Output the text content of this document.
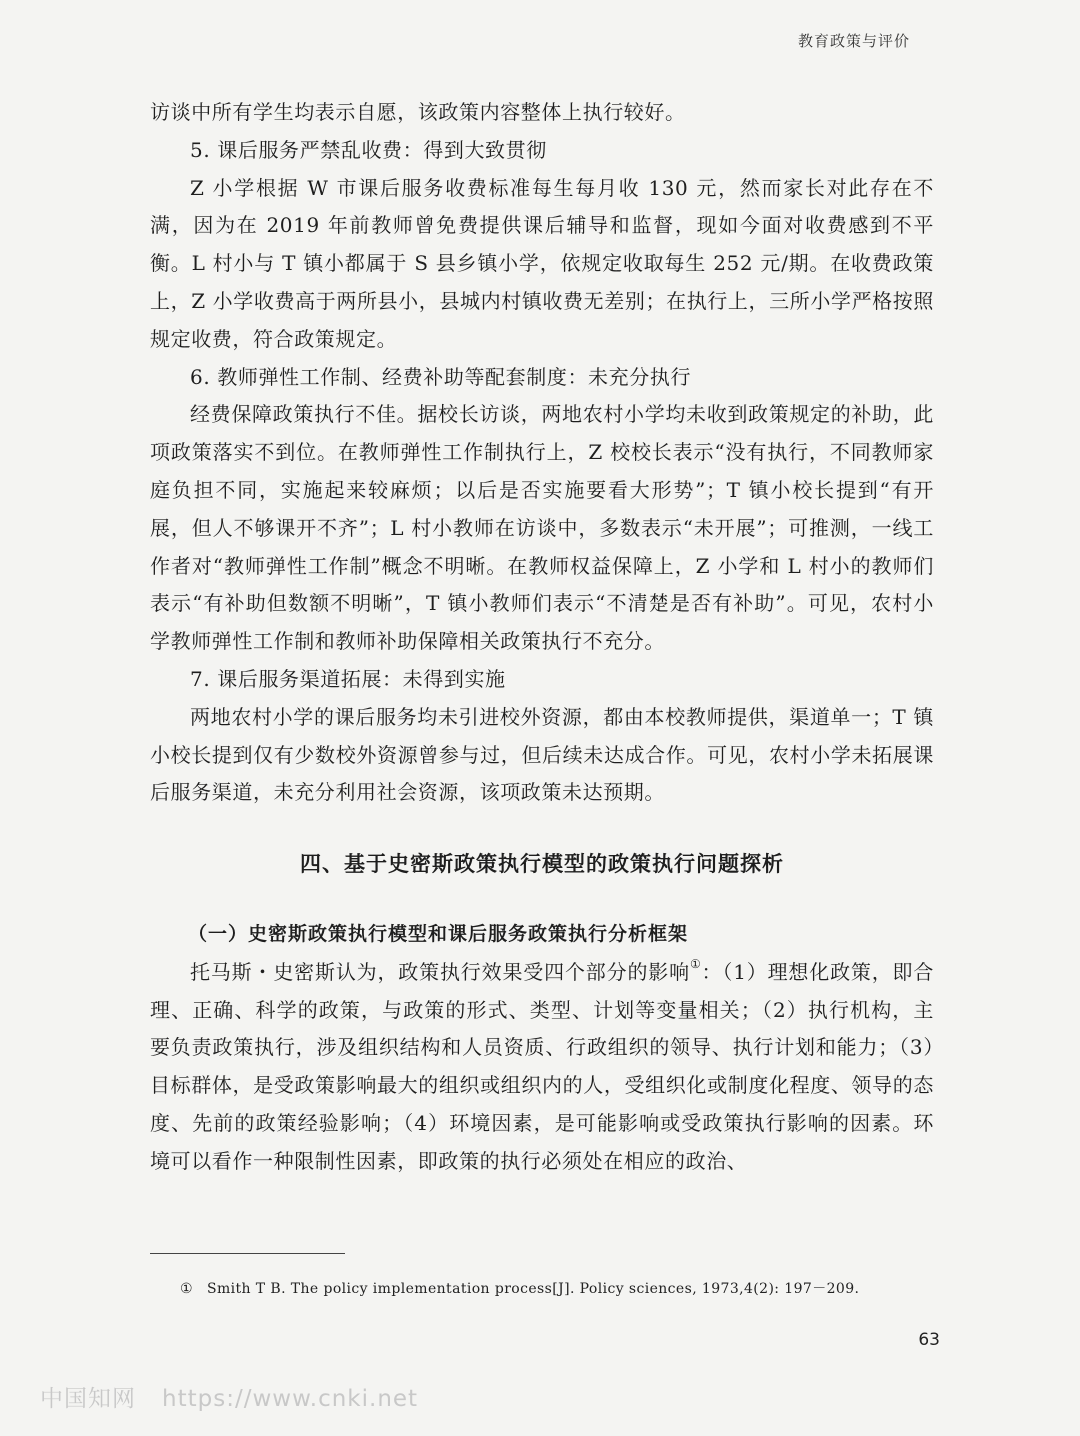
教育政策与评价

访谈中所有学生均表示自愿，该政策内容整体上执行较好。

5. 课后服务严禁乱收费：得到大致贯彻

Z 小学根据 W 市课后服务收费标准每生每月收 130 元，然而家长对此存在不满，因为在 2019 年前教师曾免费提供课后辅导和监督，现如今面对收费感到不平衡。L 村小与 T 镇小都属于 S 县乡镇小学，依规定收取每生 252 元/期。在收费政策上，Z 小学收费高于两所县小，县城内村镇收费无差别；在执行上，三所小学严格按照规定收费，符合政策规定。

6. 教师弹性工作制、经费补助等配套制度：未充分执行

经费保障政策执行不佳。据校长访谈，两地农村小学均未收到政策规定的补助，此项政策落实不到位。在教师弹性工作制执行上，Z 校校长表示“没有执行，不同教师家庭负担不同，实施起来较麻烦；以后是否实施要看大形势”；T 镇小校长提到“有开展，但人不够课开不齐”；L 村小教师在访谈中，多数表示“未开展”；可推测，一线工作者对“教师弹性工作制”概念不明晰。在教师权益保障上，Z 小学和 L 村小的教师们表示“有补助但数额不明晰”，T 镇小教师们表示“不清楚是否有补助”。可见，农村小学教师弹性工作制和教师补助保障相关政策执行不充分。

7. 课后服务渠道拓展：未得到实施

两地农村小学的课后服务均未引进校外资源，都由本校教师提供，渠道单一；T 镇小校长提到仅有少数校外资源曾参与过，但后续未达成合作。可见，农村小学未拓展课后服务渠道，未充分利用社会资源，该项政策未达预期。

四、基于史密斯政策执行模型的政策执行问题探析

（一）史密斯政策执行模型和课后服务政策执行分析框架

托马斯・史密斯认为，政策执行效果受四个部分的影响①：（1）理想化政策，即合理、正确、科学的政策，与政策的形式、类型、计划等变量相关；（2）执行机构，主要负责政策执行，涉及组织结构和人员资质、行政组织的领导、执行计划和能力；（3）目标群体，是受政策影响最大的组织或组织内的人，受组织化或制度化程度、领导的态度、先前的政策经验影响；（4）环境因素，是可能影响或受政策执行影响的因素。环境可以看作一种限制性因素，即政策的执行必须处在相应的政治、

① Smith T B. The policy implementation process[J]. Policy sciences, 1973,4(2): 197－209.
63
中国知网 https://www.cnki.net
